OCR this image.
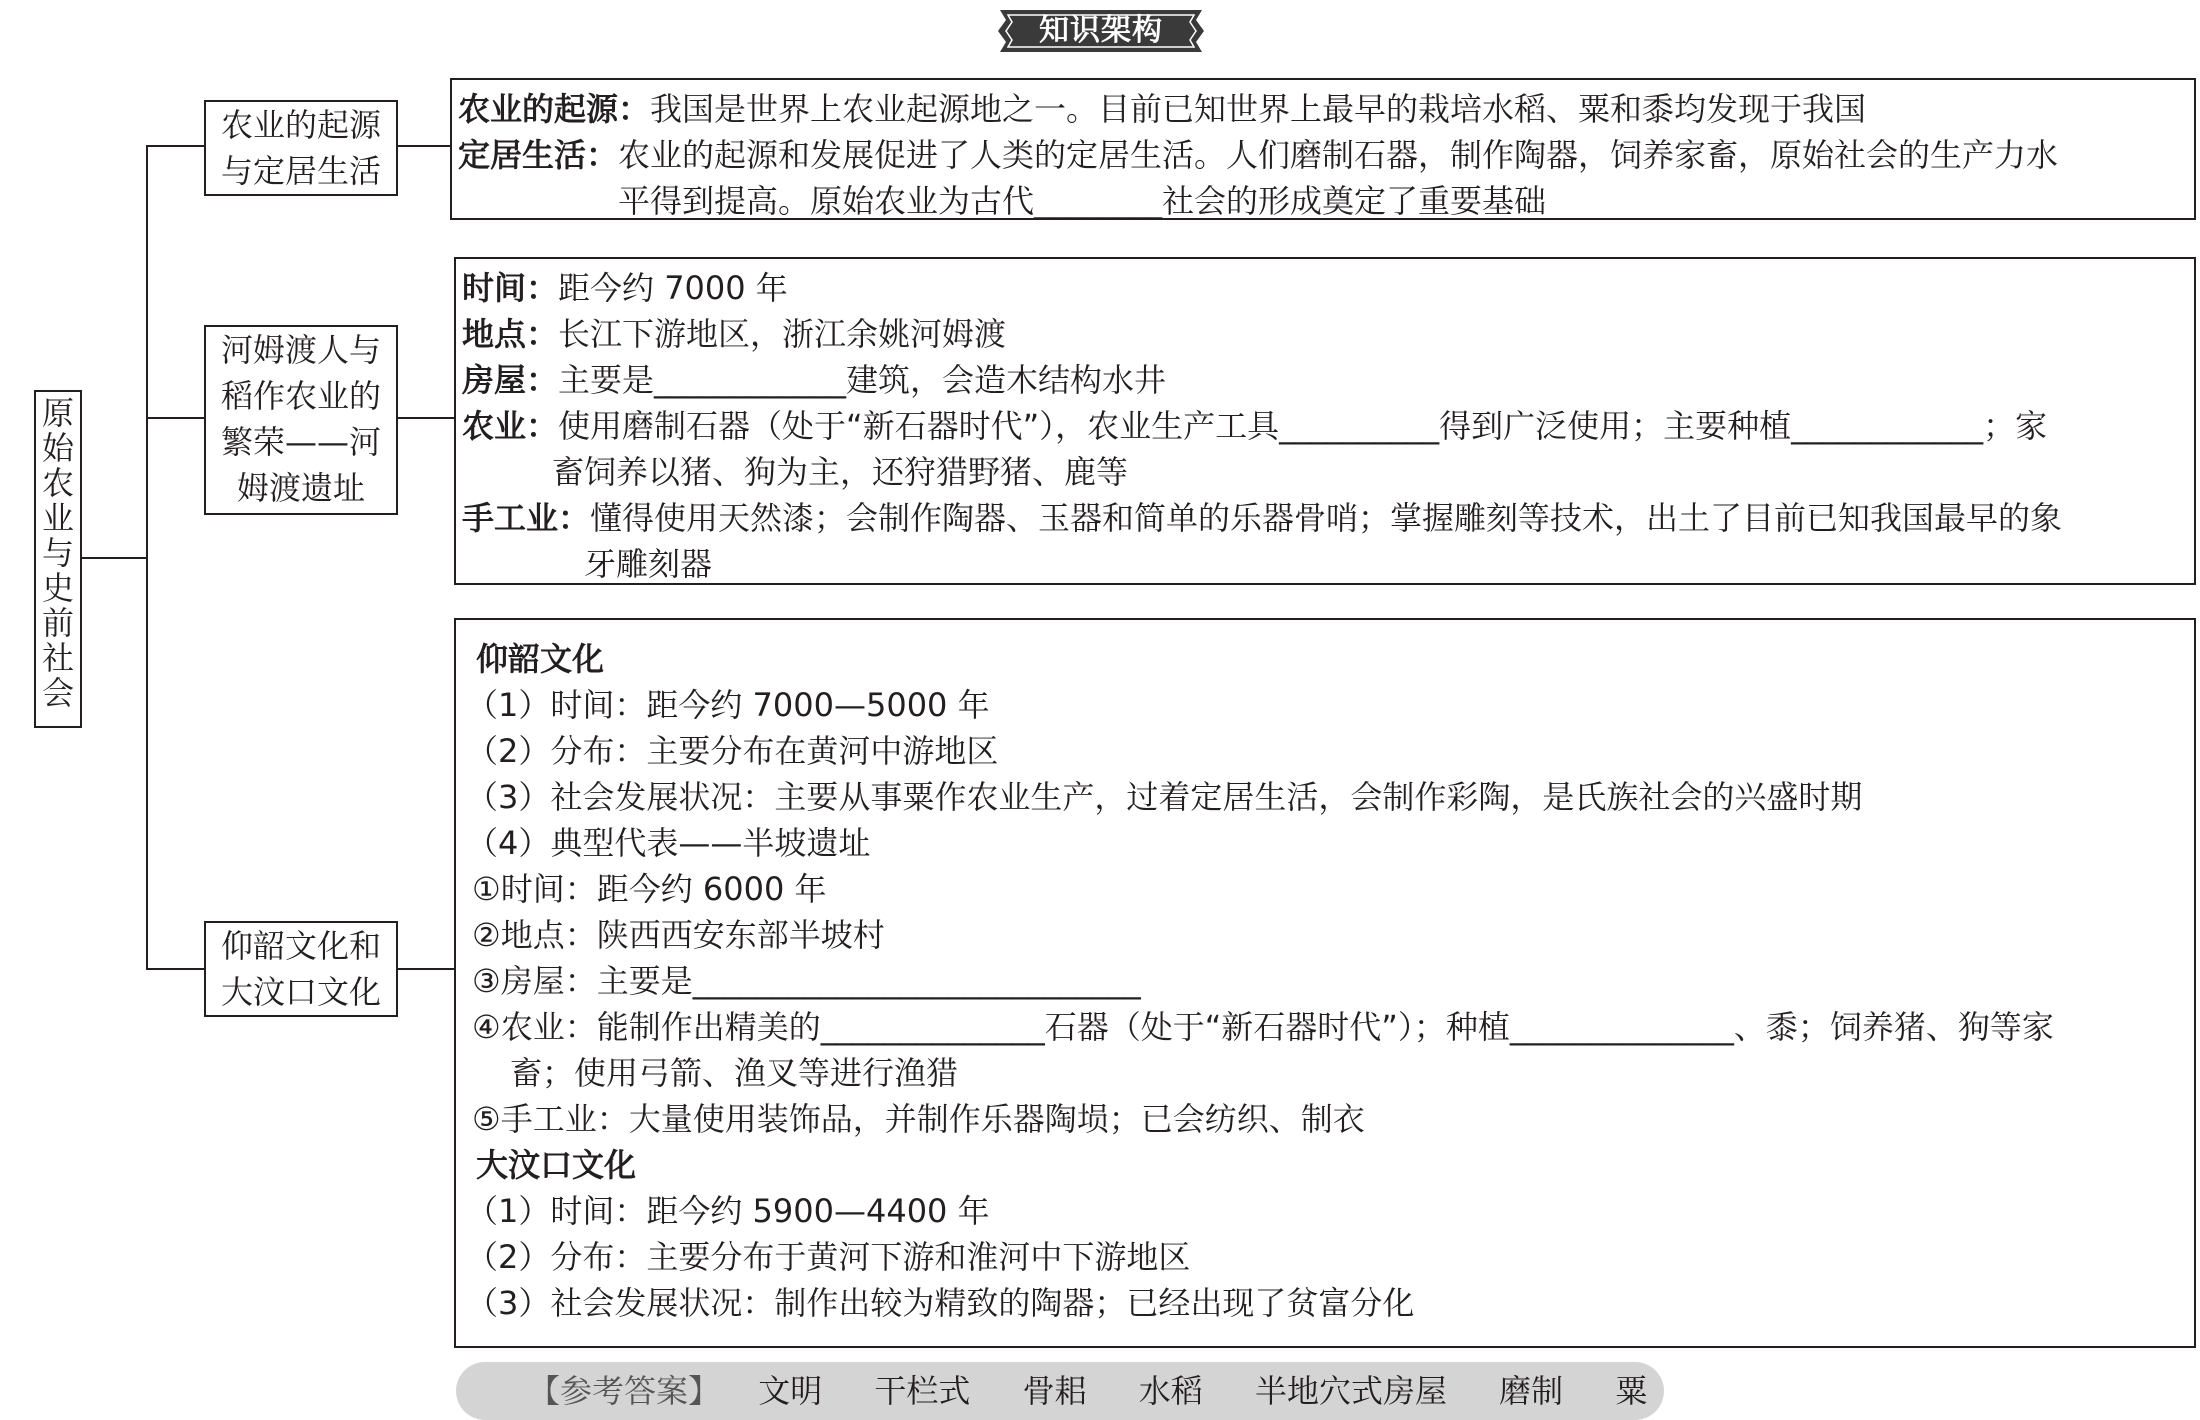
知识架构
原
始
农
业
与
史
前
社
会
农业的起源
与定居生活
河姆渡人与
稻作农业的
繁荣——河
姆渡遗址
仰韶文化和
大汶口文化
农业的起源：我国是世界上农业起源地之一。目前已知世界上最早的栽培水稻、粟和黍均发现于我国
定居生活：农业的起源和发展促进了人类的定居生活。人们磨制石器，制作陶器，饲养家畜，原始社会的生产力水
平得到提高。原始农业为古代________社会的形成奠定了重要基础
时间：距今约 7000 年
地点：长江下游地区，浙江余姚河姆渡
房屋：主要是____________建筑，会造木结构水井
农业：使用磨制石器（处于“新石器时代”），农业生产工具__________得到广泛使用；主要种植____________；家
畜饲养以猪、狗为主，还狩猎野猪、鹿等
手工业：懂得使用天然漆；会制作陶器、玉器和简单的乐器骨哨；掌握雕刻等技术，出土了目前已知我国最早的象
牙雕刻器
仰韶文化
（1）时间：距今约 7000—5000 年
（2）分布：主要分布在黄河中游地区
（3）社会发展状况：主要从事粟作农业生产，过着定居生活，会制作彩陶，是氏族社会的兴盛时期
（4）典型代表——半坡遗址
①时间：距今约 6000 年
②地点：陕西西安东部半坡村
③房屋：主要是____________________________
④农业：能制作出精美的______________石器（处于“新石器时代”）；种植______________、黍；饲养猪、狗等家
畜；使用弓箭、渔叉等进行渔猎
⑤手工业：大量使用装饰品，并制作乐器陶埙；已会纺织、制衣
大汶口文化
（1）时间：距今约 5900—4400 年
（2）分布：主要分布于黄河下游和淮河中下游地区
（3）社会发展状况：制作出较为精致的陶器；已经出现了贫富分化
【参考答案】 文明 干栏式 骨耜 水稻 半地穴式房屋 磨制 粟
